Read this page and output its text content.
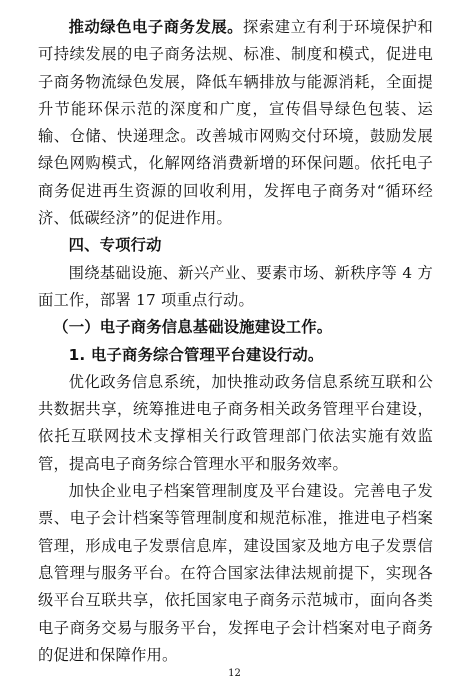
推动绿色电子商务发展。探索建立有利于环境保护和可持续发展的电子商务法规、标准、制度和模式，促进电子商务物流绿色发展，降低车辆排放与能源消耗，全面提升节能环保示范的深度和广度，宣传倡导绿色包装、运输、仓储、快递理念。改善城市网购交付环境，鼓励发展绿色网购模式，化解网络消费新增的环保问题。依托电子商务促进再生资源的回收利用，发挥电子商务对“循环经济、低碳经济”的促进作用。

四、专项行动

围绕基础设施、新兴产业、要素市场、新秩序等 4 方面工作，部署 17 项重点行动。

（一）电子商务信息基础设施建设工作。

1. 电子商务综合管理平台建设行动。

优化政务信息系统，加快推动政务信息系统互联和公共数据共享，统筹推进电子商务相关政务管理平台建设，依托互联网技术支撑相关行政管理部门依法实施有效监管，提高电子商务综合管理水平和服务效率。

加快企业电子档案管理制度及平台建设。完善电子发票、电子会计档案等管理制度和规范标准，推进电子档案管理，形成电子发票信息库，建设国家及地方电子发票信息管理与服务平台。在符合国家法律法规前提下，实现各级平台互联共享，依托国家电子商务示范城市，面向各类电子商务交易与服务平台，发挥电子会计档案对电子商务的促进和保障作用。

12
